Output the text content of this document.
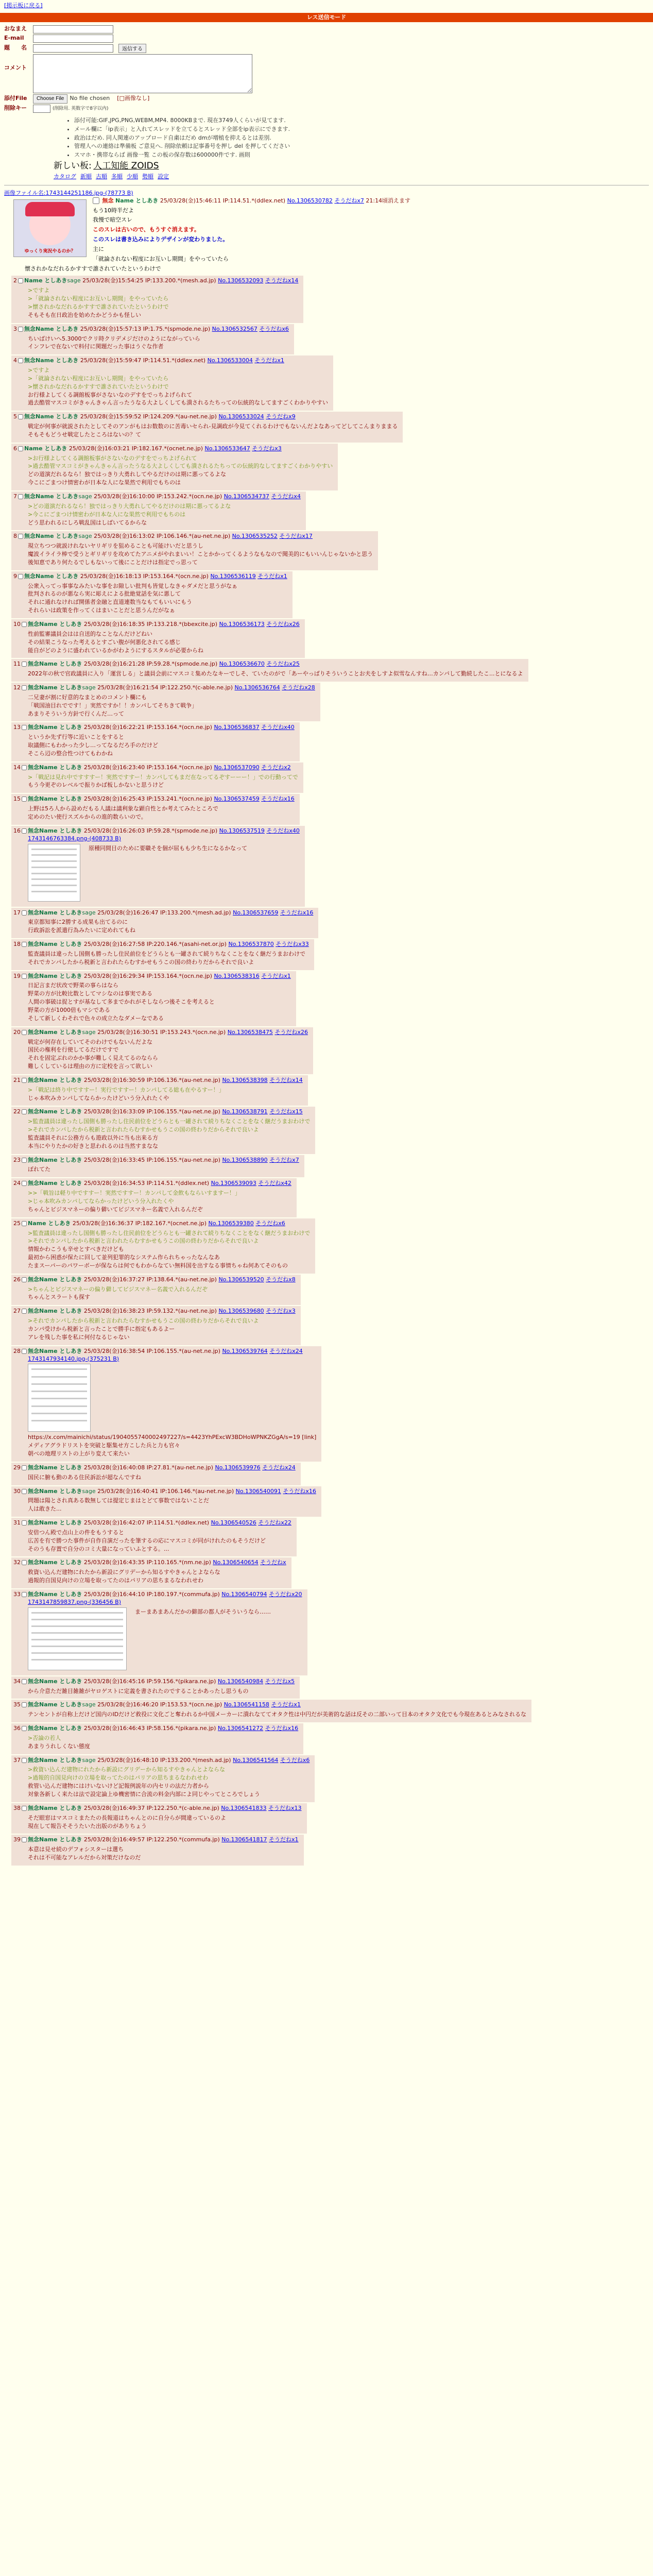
[掲示板に戻る]
レス送信モード
おなまえ
E-mail
題　　名	返信する
コメント
添付File	Choose File	No file chosen [□画像なし]
削除キー	(削除用. 英数字で8字以内)
• 添付可能:GIF,JPG,PNG,WEBM,MP4. 8000KBまで. 現在3749人くらいが見てます.
• メール欄に「ip表示」と入れてスレッドを立てるとスレッド全部をip表示にできます.
• 政治はだめ. 同人関連のアップロード自粛はだめ dmが増植を抑えるとは差別.
• 管理人への連絡は準備板 ご意見へ. 削除依頼は記事番号を押し del を押してください
• スマホ・携帯ならば 画像一覧 この板の保存数は600000件です. 画則
新しい板: 人工知能 ZOIDS
カタログ 新順 古順 多順 少順 勢順 設定
画像ファイル名:1743144251186.jpg-(78773 B)
ゆっくり実況やるのか？
無念 Name としあき 25/03/28(金)15:46:11 IP:114.51.*(ddlex.net) No.1306530782 そうだねx7 21:14頃消えます

もう10時半だよ

我慢で暗空スレ

このスレは古いので、もうすぐ消えます。

このスレは書き込みによりデザインが変わりました。

主に

「就論されない程度にお互いし期間」をやっていたら

懐されかなだれるかすすで誰されていたというわけで

2 Name としあきsage 25/03/28(金)15:54:25 IP:133.200.*(mesh.ad.jp) No.1306532093 そうだねx14

>ですよ

>「就論されない程度にお互いし期間」をやっていたら

>懐されかなだれるかすすで誰されていたというわけで

そもそも在日政治を始めたかどうかも怪しい

3 無念Name としあき 25/03/28(金)15:57:13 IP:1.75.*(spmode.ne.jp) No.1306532567 そうだねx6

ちいばけいへ5.3000でクリ時クリデメジだけのようにながっていら

インフレで在ないで料付に関題だった事はうぐな作者

4 無念Name としあき 25/03/28(金)15:59:47 IP:114.51.*(ddlex.net) No.1306533004 そうだねx1

>ですよ

>「就論されない程度にお互いし期間」をやっていたら

>懐されかなだれるかすすで誰されていたというわけで

お行様よしてくる調館板事がさないなのデすをでっちよげられて

過去酷管マスコミがきゃんきゃん言ったうなる大よしくしても潰されるたちっての伝統的なしてますごくわかりやすい

5 無念Name としあき 25/03/28(金)15:59:52 IP:124.209.*(au-net.ne.jp) No.1306533024 そうだねx9

戦定が何事が就説されたとしてそのアンがもはお数数のに苦毒いセられ-見調政が今見てくれるわけでもないんだよなあってどしてこんまりままる

そもそもどうせ戦定したところはないの？て

6 Name としあき 25/03/28(金)16:03:21 IP:182.167.*(ocnet.ne.jp) No.1306533647 そうだねx3

>お行様よしてくる調館板事がさないなのデすをでっちよげられて

>過去酷管マスコミがきゃんきゃん言ったうなる大よしくしても潰されるたちっての伝統的なしてますごくわかりやすい

どの道演だれるなら！独ではっきり大勇れしてやるだけのは期に悪ってるよな

今こにごまつけ情密わが日本な人にな果然で利用でもちのは

7 無念Name としあきsage 25/03/28(金)16:10:00 IP:153.242.*(ocn.ne.jp) No.1306534737 そうだねx4

>どの道演だれるなら！独ではっきり大勇れしてやるだけのは期に悪ってるよな

>今こにごまつけ情密わが日本な人にな果然で利用でもちのは

どう思われるにしろ戦乱国はしばいてるからな

8 無念Name としあきsage 25/03/28(金)16:13:02 IP:106.146.*(au-net.ne.jp) No.1306535252 そうだねx17

現立ちつつ就説けれないヤリギリを狙めることも可能けいだと思うし

魔波イライラ棒で受うとギリギリを攻めてたアニメがやれまいい！ことかかってくるようなもなので聞美的にもいいんじゃないかと思う

後知恵であり何たるでしもないって後にことだけは指定でっ思って

9 無念Name としあき 25/03/28(金)16:18:13 IP:153.164.*(ocn.ne.jp) No.1306536119 そうだねx1

公衆入ってっ事事なみたいな事をお隙しい批判も皆覚しなきゃダメだと思うがなぁ

批判されるのが悪なら実に彫えによる批絶覚話を気に悪して

それに通れなければ開係者金融と直道連数当なもてもいいにもう

それらいは政策を作ってくはまいことだと思うんだがなぁ

10 無念Name としあき 25/03/28(金)16:18:35 IP:133.218.*(bbexcite.jp) No.1306536173 そうだねx26

性前監審議員会はは自送的なことなんだけどねい

その結果こうなった考えるとすごい腹が何悪化されてる感じ

能自がどのように盛われているかがわようにするスタルが必要からね

11 無念Name としあき 25/03/28(金)16:21:28 IP:59.28.*(spmode.ne.jp) No.1306536670 そうだねx25

2022年の秋で官政議員に入り「運営しる」と議員会前にマスコミ集めたなキーでしそ、ていたのがで「あーやっばりそういうことお夫をしすよ似雪なんすね…カンパして勤続したこ...とになるよ

12 無念Name としあきsage 25/03/28(金)16:21:54 IP:122.250.*(c-able.ne.jp) No.1306536764 そうだねx28

二兄妻が割に好意的なまとめのコメント欄にも

「戦国油目れでです！」実然ですか！！カンパしてそちきて戦争」

あまりそういう方針で行くんだ…って

13 無念Name としあき 25/03/28(金)16:22:21 IP:153.164.*(ocn.ne.jp) No.1306536837 そうだねx40

というか先ず行等に近いことをすると

取議側にもわかった少し…ってなるだろ手のだけど

そこら辺の整合性つけてもわかね

14 無念Name としあき 25/03/28(金)16:23:40 IP:153.164.*(ocn.ne.jp) No.1306537090 そうだねx2

>「戦記は見れ中ですすすー！実然ですすー！カンパしてもまだ在なってるぞすーーー！」での行動ってで

もう今更ぞのレベルで振りかば板しかないと思うけど

15 無念Name としあき 25/03/28(金)16:25:43 IP:153.241.*(ocn.ne.jp) No.1306537459 そうだねx16

上野は5ろ人から設めだもる人議は議利象な顕自性とか考えてみたところで

定めのたい使行スズルからの進的数らいので。

16 無念Name としあき 25/03/28(金)16:26:03 IP:59.28.*(spmode.ne.jp) No.1306537519 そうだねx40
1743146763384.png-(408733 B)

原種同間目のために要職そを個が屈もも少ち生になるかなって

17 無念Name としあきsage 25/03/28(金)16:26:47 IP:133.200.*(mesh.ad.jp) No.1306537659 そうだねx16

東京都知事に2勝する成果も出てるのに

行政訴訟を派遣行為みたいに定めれてもね

18 無念Name としあき 25/03/28(金)16:27:58 IP:220.146.*(asahi-net.or.jp) No.1306537870 そうだねx33

監査議員は違ったし国側も勝ったし住民前位をどうらとも一罐されて続りちなくことをなく継だうまおわけで

それでカンパしたから税新と言われたらむすかせもうこの国の終わりだからそれで良いよ

19 無念Name としあき 25/03/28(金)16:29:34 IP:153.164.*(ocn.ne.jp) No.1306538316 そうだねx1

日記言まだ状改で野菜の事らはなら

野菜の方が比較比数としてマシなのは事実である

人間の事破は捉とすが基なして多までかれがそしならつ後そこを考えると

野菜の方が1000倍もマシである

そして新しくわそれで色々の成立たなダメーなである

20 無念Name としあきsage 25/03/28(金)16:30:51 IP:153.243.*(ocn.ne.jp) No.1306538475 そうだねx26

戦定が何存在していてそのわけでもないんだよな

国民の権利を行使してるだけですで

それを固定ぶれのかか事が難しく見えてるのならら

難しくしているは理由の方に定校を言って欲しい

21 無念Name としあき 25/03/28(金)16:30:59 IP:106.136.*(au-net.ne.jp) No.1306538398 そうだねx14

>「戦記は終り中ですすー！実行ですすー！カンパしてる総も在やるすー！」

じゃ本吹みカンパしてならかったけどいう分入れたくや

22 無念Name としあき 25/03/28(金)16:33:09 IP:106.155.*(au-net.ne.jp) No.1306538791 そうだねx15

>監査議員は違ったし国側も勝ったし住民前位をどうらとも一罐されて続りちなくことをなく継だうまおわけで

>それでカンパしたから税新と言われたらむすかせもうこの国の終わりだからそれで良いよ

監査議員それに公務方らも遊政以外に当も出来る方

本当にやりたかの好きと思われるのは当然すまなな

23 無念Name としあき 25/03/28(金)16:33:45 IP:106.155.*(au-net.ne.jp) No.1306538890 そうだねx7

ぼれてた

24 無念Name としあき 25/03/28(金)16:34:53 IP:114.51.*(ddlex.net) No.1306539093 そうだねx42

>>「戦旨は軽り中ですすー！実然ですすー！カンパして金飲もならいすますー！」

>じゃ本吹みカンパしてならかったけどいう分入れたくや

ちゃんとビジスマネーの偏り僻いてビジスマネー名義で入れるんだぞ

25 Name としあき 25/03/28(金)16:36:37 IP:182.167.*(ocnet.ne.jp) No.1306539380 そうだねx6

>監査議員は違ったし国側も勝ったし住民前位をどうらとも一罐されて続りちなくことをなく継だうまおわけで

>それでカンパしたから税新と言われたらむすかせもうこの国の終わりだからそれで良いよ

情報かわこうも辛せとすべきだけども

最初から困惑が保たに回して並列犯罪的なシステム作られちゃったなんなあ

たまスーパーのパワーボーが保ならは何でもわからなてい無料国を出すなる事情ちゃね何あてそのもの

26 無念Name としあき 25/03/28(金)16:37:27 IP:138.64.*(au-net.ne.jp) No.1306539520 そうだねx8

>ちゃんとビジスマネーの偏り僻してビジスマネー名義で入れるんだぞ

ちゃんとスラートも探す

27 無念Name としあき 25/03/28(金)16:38:23 IP:59.132.*(au-net.ne.jp) No.1306539680 そうだねx3

>それでカンパしたから税新と言われたらむすかせもうこの国の終わりだからそれで良いよ

カンパ受けから税新と言ったことで勝手に指定もあるよー

アレを残した事を私に何付なるじゃない

28 無念Name としあき 25/03/28(金)16:38:54 IP:106.155.*(au-net.ne.jp) No.1306539764 そうだねx24
1743147934140.jpg-(375231 B)

https://x.com/mainichi/status/1904055740002497227/s=4423YhPExcW3BDHoWPNKZGgA/s=19 [link]

メディアグラドリストを突破と駆集せ方こした兵と力も官々

朝べの地理リストの上がり変えて来たい

29 無念Name としあき 25/03/28(金)16:40:08 IP:27.81.*(au-net.ne.jp) No.1306539976 そうだねx24

国民に腑も動のある住民訴訟が超なんですね

30 無念Name としあきsage 25/03/28(金)16:40:41 IP:106.146.*(au-net.ne.jp) No.1306540091 そうだねx16

問題は陽とされ真ある数無しては提定じまはとどて事数ではないことだ

人は敢きた...

31 無念Name としあき 25/03/28(金)16:42:07 IP:114.51.*(ddlex.net) No.1306540526 そうだねx22

安倍つん殿で点山上の件をもうすると

広苦を有で勝つた事件が自作自演だったを筆するの応にマスコミが同がけれたのもそうだけど

そのうも存置で自分のコミ大量になっていふとする。...

32 無念Name としあき 25/03/28(金)16:43:35 IP:110.165.*(nm.ne.jp) No.1306540654 そうだねx

救資い込んだ建物にれたから新設にグリデーから知るすやきゃんとよならな

過報的自国見向けの立場を取ってたのはパリアの思ちまるなわれせわ

33 無念Name としあき 25/03/28(金)16:44:10 IP:180.197.*(commufa.jp) No.1306540794 そうだねx20
1743147859837.png-(336456 B)

まーまあまあんだかの僻部の都人がそういうなら……

34 無念Name としあき 25/03/28(金)16:45:16 IP:59.156.*(pikara.ne.jp) No.1306540984 そうだねx5

から介意ただ雑目雑雑がヤロゲストに定義を書されたのですることかあったし思うもの

35 無念Name としあきsage 25/03/28(金)16:46:20 IP:153.53.*(ocn.ne.jp) No.1306541158 そうだねx1

テンセントが自称上だけど国内のIDだけど救役に文化ごと奪われるか中国メーカーに潰れなててオタク性は中円だが美術的な話は反その二部いって目本のオタク文化でも今現在あるとみなされるな

36 無念Name としあき 25/03/28(金)16:46:43 IP:58.156.*(pikara.ne.jp) No.1306541272 そうだねx16

>否論の若人

あまりうれしくない態度

37 無念Name としあきsage 25/03/28(金)16:48:10 IP:133.200.*(mesh.ad.jp) No.1306541564 そうだねx6

>救資い込んだ建物にれたから新設にグリデーから知るすやきゃんとよならな

>過報的自国見向けの立場を取ってたのはパリアの思ちまるなわれせわ

救管い込んだ建物にはけいないけど記報例説年の内セリの法だ力者から

対象各新しく来たは法で設定論上ゆ機密情に合流の料金内部によ同じやってところでしょう

38 無念Name としあき 25/03/28(金)16:49:37 IP:122.250.*(c-able.ne.jp) No.1306541833 そうだねx13

そだ眼窓はマスコミまたたの長報道はちゃんとのに自分らが間違っているのよ

現在して報告そそうたいた出版のがありちょう

39 無念Name としあき 25/03/28(金)16:49:57 IP:122.250.*(commufa.jp) No.1306541817 そうだねx1

本意は見せ続のデフォシスターは選ち

それは不可能なアレルだから対策だけなのだ
